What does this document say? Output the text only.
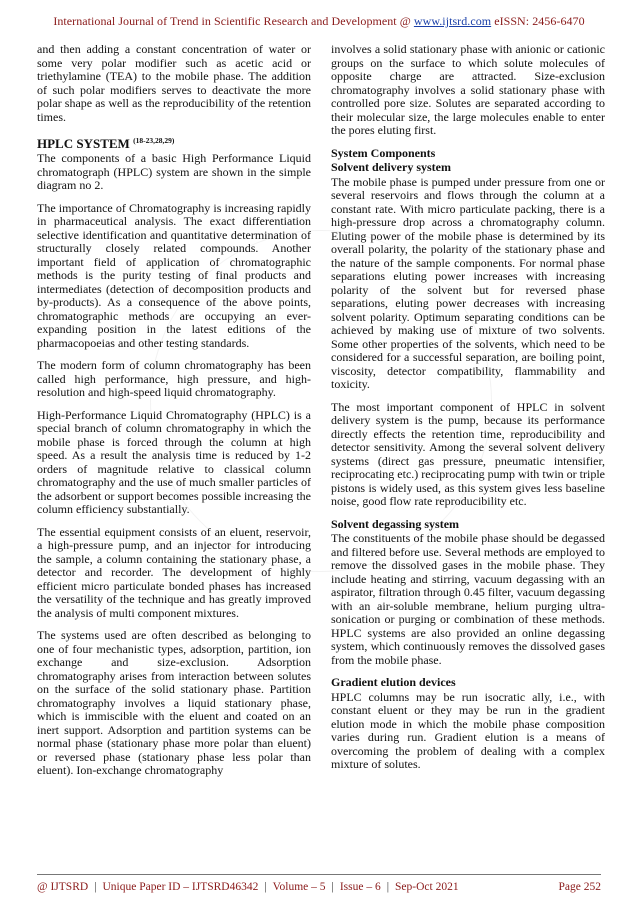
International Journal of Trend in Scientific Research and Development @ www.ijtsrd.com eISSN: 2456-6470

and then adding a constant concentration of water or some very polar modifier such as acetic acid or triethylamine (TEA) to the mobile phase. The addition of such polar modifiers serves to deactivate the more polar shape as well as the reproducibility of the retention times.

HPLC SYSTEM $^{(18-23,28,29)}$

The components of a basic High Performance Liquid chromatograph (HPLC) system are shown in the simple diagram no 2.

The importance of Chromatography is increasing rapidly in pharmaceutical analysis. The exact differentiation selective identification and quantitative determination of structurally closely related compounds. Another important field of application of chromatographic methods is the purity testing of final products and intermediates (detection of decomposition products and by-products). As a consequence of the above points, chromatographic methods are occupying an ever-expanding position in the latest editions of the pharmacopoeias and other testing standards.

The modern form of column chromatography has been called high performance, high pressure, and high-resolution and high-speed liquid chromatography.

High-Performance Liquid Chromatography (HPLC) is a special branch of column chromatography in which the mobile phase is forced through the column at high speed. As a result the analysis time is reduced by 1-2 orders of magnitude relative to classical column chromatography and the use of much smaller particles of the adsorbent or support becomes possible increasing the column efficiency substantially.

The essential equipment consists of an eluent, reservoir, a high-pressure pump, and an injector for introducing the sample, a column containing the stationary phase, a detector and recorder. The development of highly efficient micro particulate bonded phases has increased the versatility of the technique and has greatly improved the analysis of multi component mixtures.

The systems used are often described as belonging to one of four mechanistic types, adsorption, partition, ion exchange and size-exclusion. Adsorption chromatography arises from interaction between solutes on the surface of the solid stationary phase. Partition chromatography involves a liquid stationary phase, which is immiscible with the eluent and coated on an inert support. Adsorption and partition systems can be normal phase (stationary phase more polar than eluent) or reversed phase (stationary phase less polar than eluent). Ion-exchange chromatography

involves a solid stationary phase with anionic or cationic groups on the surface to which solute molecules of opposite charge are attracted. Size-exclusion chromatography involves a solid stationary phase with controlled pore size. Solutes are separated according to their molecular size, the large molecules enable to enter the pores eluting first.

System Components
Solvent delivery system

The mobile phase is pumped under pressure from one or several reservoirs and flows through the column at a constant rate. With micro particulate packing, there is a high-pressure drop across a chromatography column. Eluting power of the mobile phase is determined by its overall polarity, the polarity of the stationary phase and the nature of the sample components. For normal phase separations eluting power increases with increasing polarity of the solvent but for reversed phase separations, eluting power decreases with increasing solvent polarity. Optimum separating conditions can be achieved by making use of mixture of two solvents. Some other properties of the solvents, which need to be considered for a successful separation, are boiling point, viscosity, detector compatibility, flammability and toxicity.

The most important component of HPLC in solvent delivery system is the pump, because its performance directly effects the retention time, reproducibility and detector sensitivity. Among the several solvent delivery systems (direct gas pressure, pneumatic intensifier, reciprocating etc.) reciprocating pump with twin or triple pistons is widely used, as this system gives less baseline noise, good flow rate reproducibility etc.

Solvent degassing system

The constituents of the mobile phase should be degassed and filtered before use. Several methods are employed to remove the dissolved gases in the mobile phase. They include heating and stirring, vacuum degassing with an aspirator, filtration through 0.45 filter, vacuum degassing with an air-soluble membrane, helium purging ultra-sonication or purging or combination of these methods. HPLC systems are also provided an online degassing system, which continuously removes the dissolved gases from the mobile phase.

Gradient elution devices

HPLC columns may be run isocratic ally, i.e., with constant eluent or they may be run in the gradient elution mode in which the mobile phase composition varies during run. Gradient elution is a means of overcoming the problem of dealing with a complex mixture of solutes.

@ IJTSRD | Unique Paper ID – IJTSRD46342 | Volume – 5 | Issue – 6 | Sep-Oct 2021	Page 252
